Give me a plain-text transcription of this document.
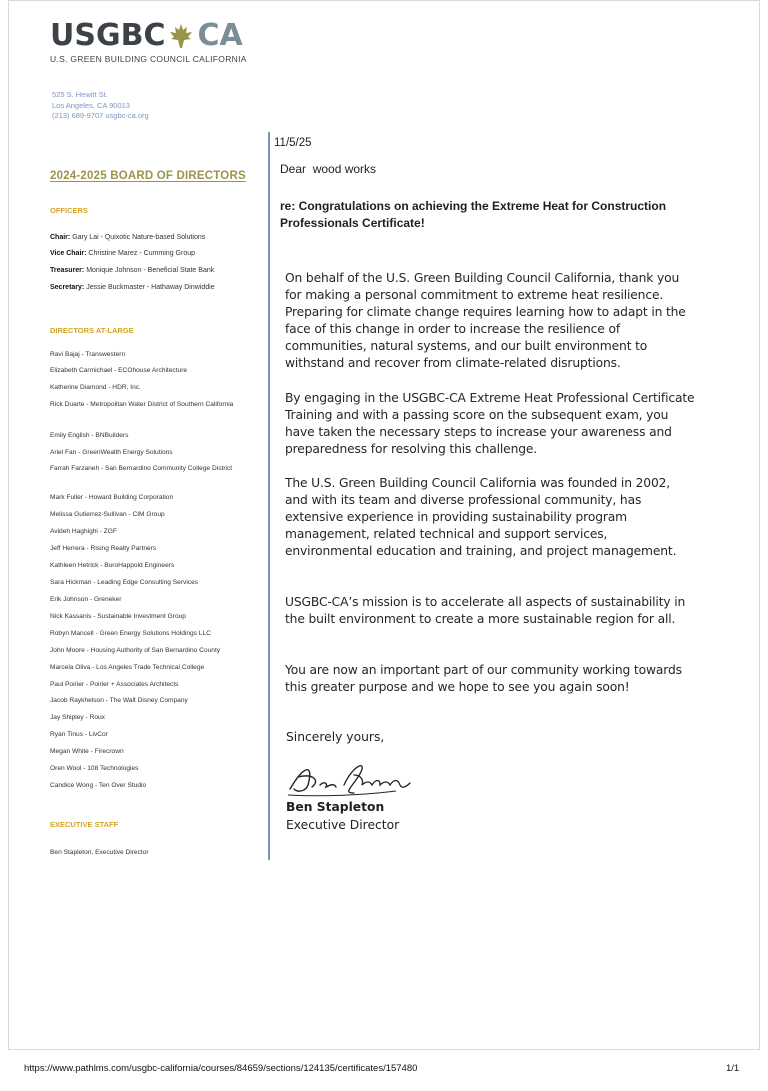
USGBC CA
U.S. GREEN BUILDING COUNCIL CALIFORNIA
525 S. Hewitt St.
Los Angeles, CA 90013
(213) 689-9707 usgbc-ca.org
2024-2025 BOARD OF DIRECTORS
OFFICERS
Chair: Gary Lai - Quixotic Nature-based Solutions
Vice Chair: Christine Marez - Cumming Group
Treasurer: Monique Johnson - Beneficial State Bank
Secretary: Jessie Buckmaster - Hathaway Dinwiddie
DIRECTORS AT-LARGE
Ravi Bajaj - Transwestern
Elizabeth Carmichael - ECOhouse Architecture
Katherine Diamond - HDR, Inc.
Rick Duarte - Metropolitan Water District of Southern California
Emily English - BNBuilders
Ariel Fan - GreenWealth Energy Solutions
Farrah Farzaneh - San Bernardino Community College District
Mark Fuller - Howard Building Corporation
Melissa Gutierrez-Sullivan - CIM Group
Avideh Haghighi - ZGF
Jeff Herrera - Rising Realty Partners
Kathleen Hetrick - BuroHappold Engineers
Sara Hickman - Leading Edge Consulting Services
Erik Johnson - Greneker
Nick Kassanis - Sustainable Investment Group
Robyn Mancell - Green Energy Solutions Holdings LLC
John Moore - Housing Authority of San Bernardino County
Marcela Oliva - Los Angeles Trade Technical College
Paul Poirier - Poirier + Associates Architects
Jacob Raykhelson - The Walt Disney Company
Jay Shipley - Roux
Ryan Tinus - LivCor
Megan White - Firecrown
Oren Wool - 108 Technologies
Candice Wong - Ten Over Studio
EXECUTIVE STAFF
Ben Stapleton, Executive Director
11/5/25
Dear wood works
re: Congratulations on achieving the Extreme Heat for Construction Professionals Certificate!
On behalf of the U.S. Green Building Council California, thank you for making a personal commitment to extreme heat resilience. Preparing for climate change requires learning how to adapt in the face of this change in order to increase the resilience of communities, natural systems, and our built environment to withstand and recover from climate-related disruptions.
By engaging in the USGBC-CA Extreme Heat Professional Certificate Training and with a passing score on the subsequent exam, you have taken the necessary steps to increase your awareness and preparedness for resolving this challenge.
The U.S. Green Building Council California was founded in 2002, and with its team and diverse professional community, has extensive experience in providing sustainability program management, related technical and support services, environmental education and training, and project management.
USGBC-CA’s mission is to accelerate all aspects of sustainability in the built environment to create a more sustainable region for all.
You are now an important part of our community working towards this greater purpose and we hope to see you again soon!
Sincerely yours,
Ben Stapleton
Executive Director
https://www.pathlms.com/usgbc-california/courses/84659/sections/124135/certificates/157480	1/1
